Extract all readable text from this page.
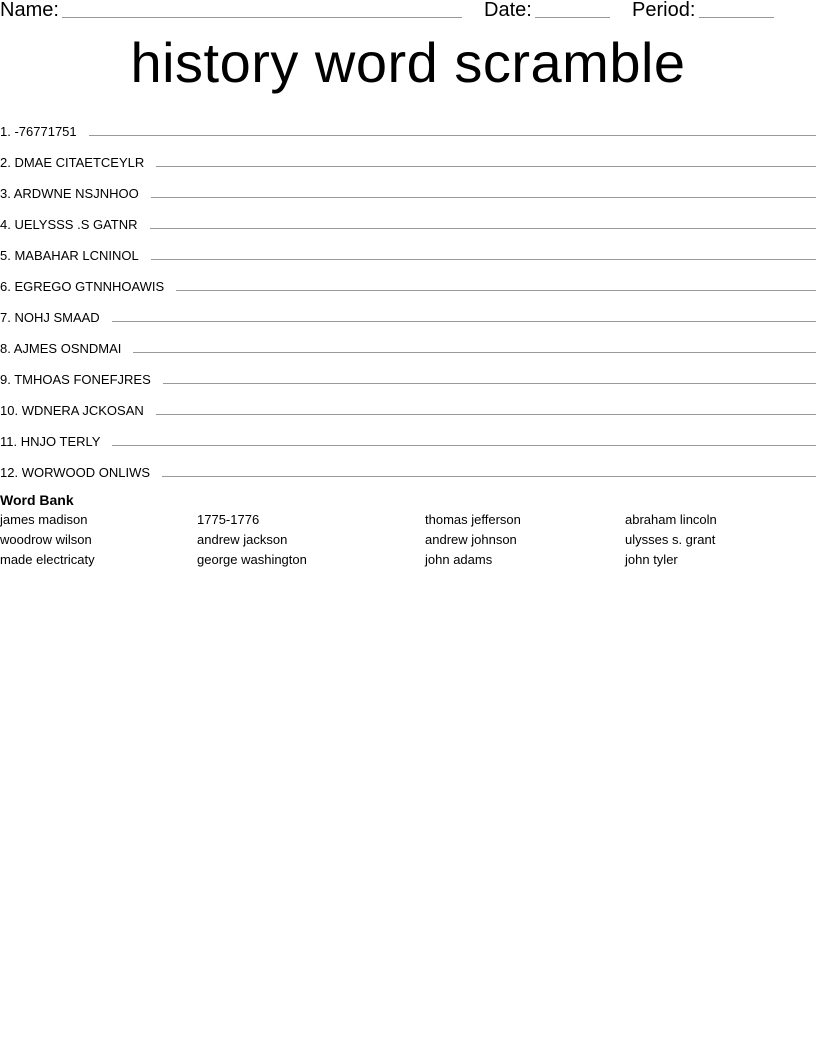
Name:	Date:	Period:
history word scramble
1. -76771751
2. DMAE CITAETCEYLR
3. ARDWNE NSJNHOO
4. UELYSSS .S GATNR
5. MABAHAR LCNINOL
6. EGREGO GTNNHOAWIS
7. NOHJ SMAAD
8. AJMES OSNDMAI
9. TMHOAS FONEFJRES
10. WDNERA JCKOSAN
11. HNJO TERLY
12. WORWOOD ONLIWS
Word Bank
james madison	1775-1776	thomas jefferson	abraham lincoln
woodrow wilson	andrew jackson	andrew johnson	ulysses s. grant
made electricaty	george washington	john adams	john tyler
